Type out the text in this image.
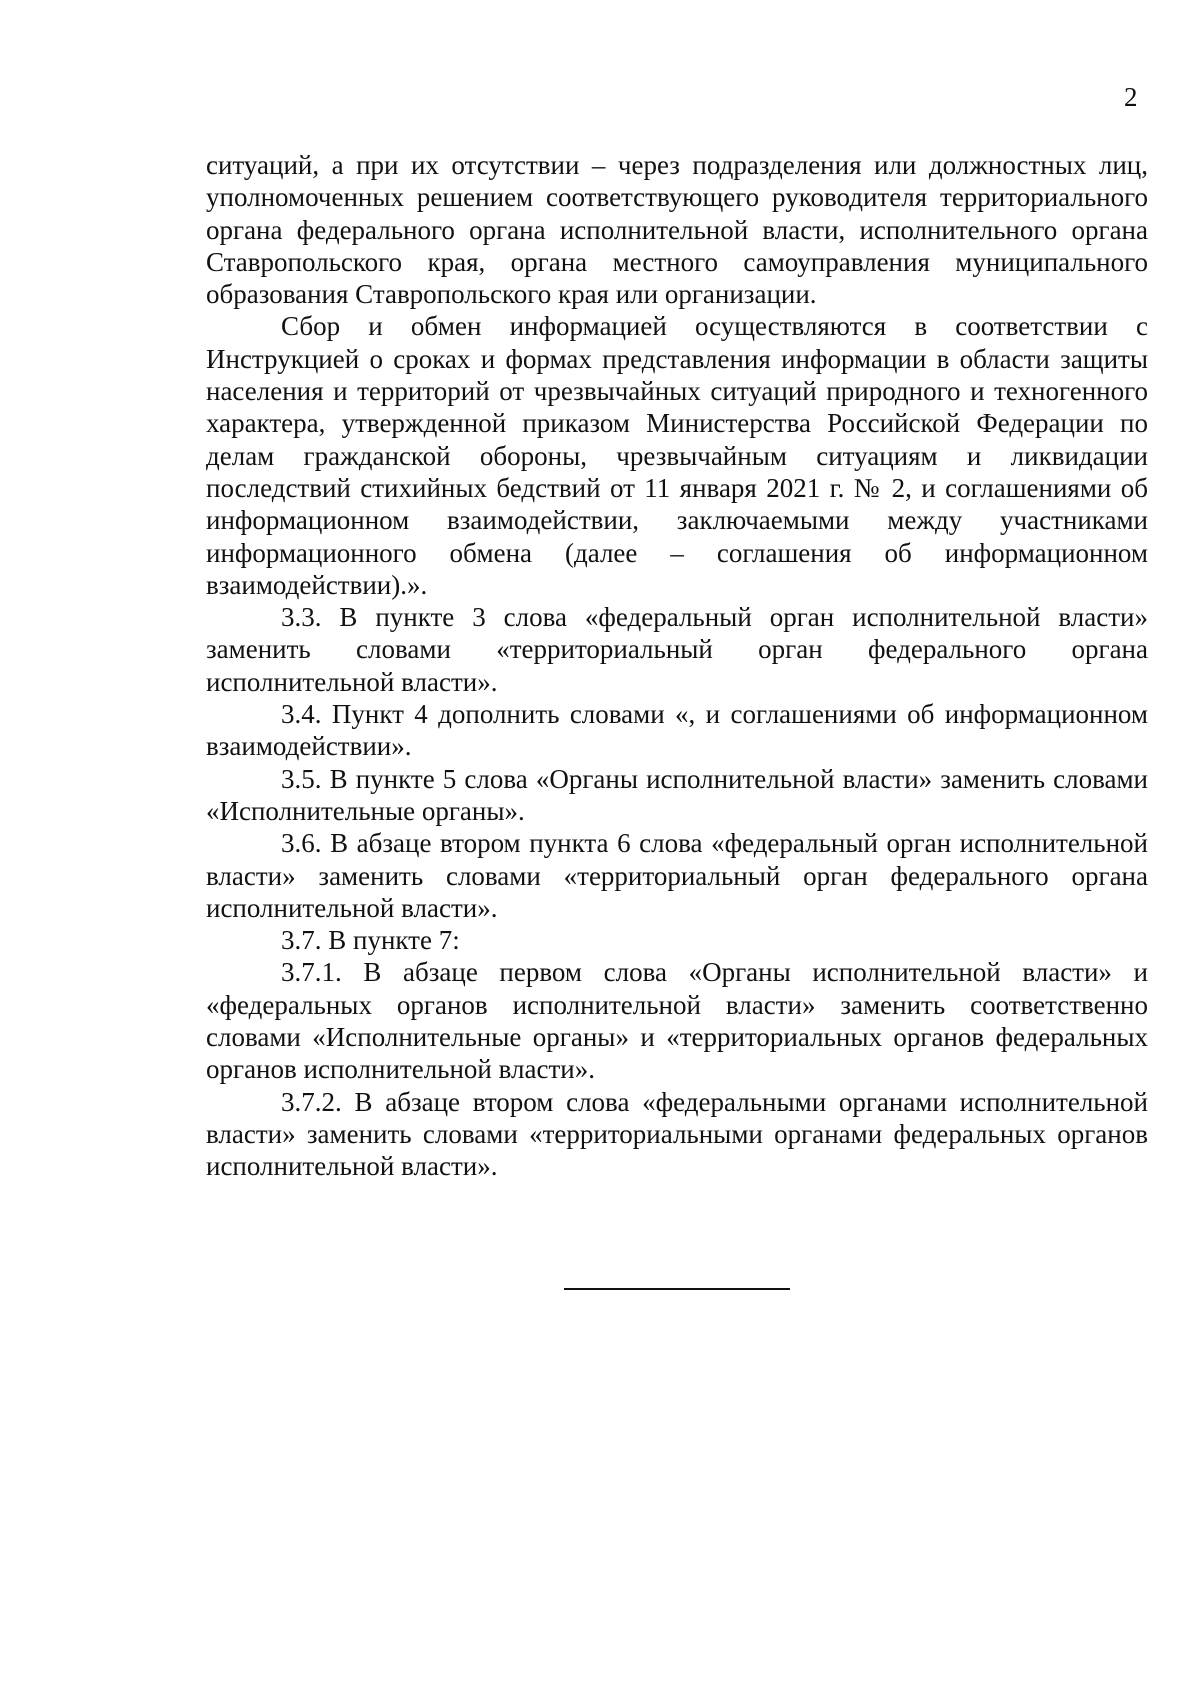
2

ситуаций, а при их отсутствии – через подразделения или должностных лиц, уполномоченных решением соответствующего руководителя территориального органа федерального органа исполнительной власти, исполнительного органа Ставропольского края, органа местного самоуправления муниципального образования Ставропольского края или организации.

Сбор и обмен информацией осуществляются в соответствии с Инструкцией о сроках и формах представления информации в области защиты населения и территорий от чрезвычайных ситуаций природного и техногенного характера, утвержденной приказом Министерства Российской Федерации по делам гражданской обороны, чрезвычайным ситуациям и ликвидации последствий стихийных бедствий от 11 января 2021 г. № 2, и соглашениями об информационном взаимодействии, заключаемыми между участниками информационного обмена (далее – соглашения об информационном взаимодействии).».

3.3. В пункте 3 слова «федеральный орган исполнительной власти» заменить словами «территориальный орган федерального органа исполнительной власти».

3.4. Пункт 4 дополнить словами «, и соглашениями об информационном взаимодействии».

3.5. В пункте 5 слова «Органы исполнительной власти» заменить словами «Исполнительные органы».

3.6. В абзаце втором пункта 6 слова «федеральный орган исполнительной власти» заменить словами «территориальный орган федерального органа исполнительной власти».

3.7. В пункте 7:

3.7.1. В абзаце первом слова «Органы исполнительной власти» и «федеральных органов исполнительной власти» заменить соответственно словами «Исполнительные органы» и «территориальных органов федеральных органов исполнительной власти».

3.7.2. В абзаце втором слова «федеральными органами исполнительной власти» заменить словами «территориальными органами федеральных органов исполнительной власти».
